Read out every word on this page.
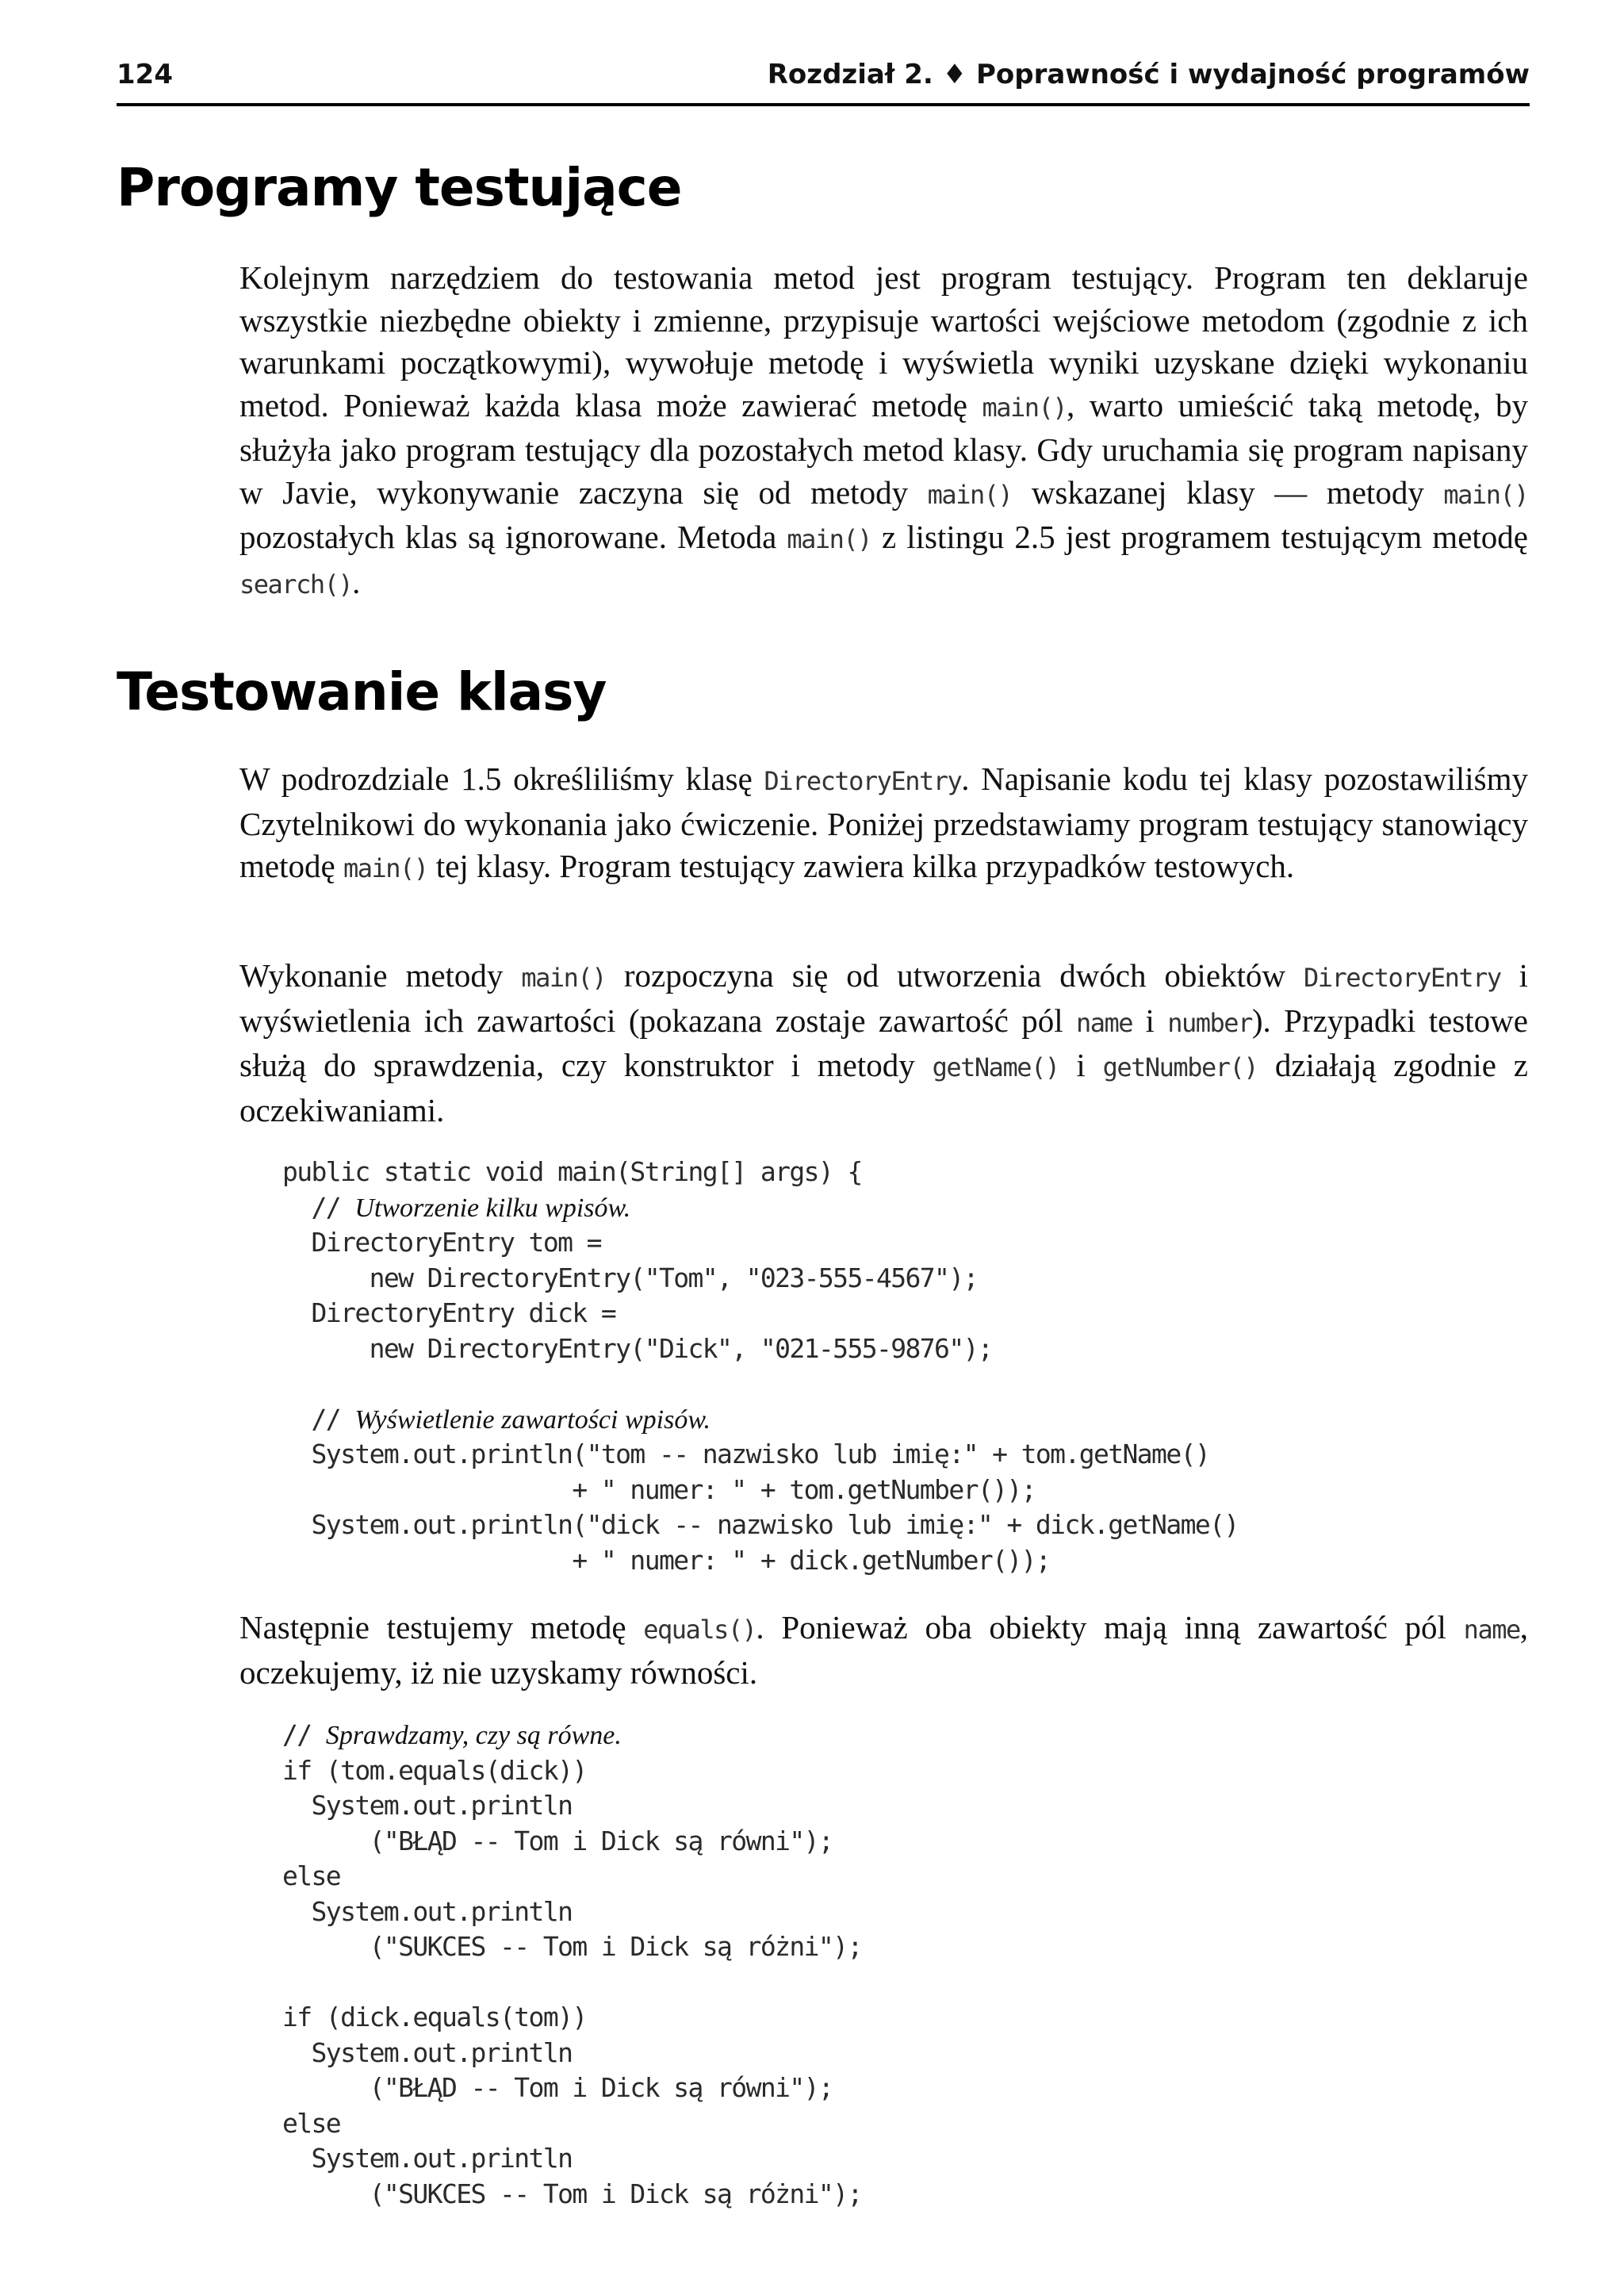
124	Rozdział 2. ♦ Poprawność i wydajność programów
Programy testujące

Kolejnym narzędziem do testowania metod jest program testujący. Program ten deklaruje wszystkie niezbędne obiekty i zmienne, przypisuje wartości wejściowe metodom (zgodnie z ich warunkami początkowymi), wywołuje metodę i wyświetla wyniki uzyskane dzięki wykonaniu metod. Ponieważ każda klasa może zawierać metodę main(), warto umieścić taką metodę, by służyła jako program testujący dla pozostałych metod klasy. Gdy uruchamia się program napisany w Javie, wykonywanie zaczyna się od metody main() wskazanej klasy — metody main() pozostałych klas są ignorowane. Metoda main() z listingu 2.5 jest programem testującym metodę search().

Testowanie klasy

W podrozdziale 1.5 określiliśmy klasę DirectoryEntry. Napisanie kodu tej klasy pozostawiliśmy Czytelnikowi do wykonania jako ćwiczenie. Poniżej przedstawiamy program testujący stanowiący metodę main() tej klasy. Program testujący zawiera kilka przypadków testowych.

Wykonanie metody main() rozpoczyna się od utworzenia dwóch obiektów DirectoryEntry i wyświetlenia ich zawartości (pokazana zostaje zawartość pól name i number). Przypadki testowe służą do sprawdzenia, czy konstruktor i metody getName() i getNumber() działają zgodnie z oczekiwaniami.

public static void main(String[] args) {
// Utworzenie kilku wpisów.
DirectoryEntry tom =
new DirectoryEntry("Tom", "023-555-4567");
DirectoryEntry dick =
new DirectoryEntry("Dick", "021-555-9876");
// Wyświetlenie zawartości wpisów.
System.out.println("tom -- nazwisko lub imię:" + tom.getName()
+ " numer: " + tom.getNumber());
System.out.println("dick -- nazwisko lub imię:" + dick.getName()
+ " numer: " + dick.getNumber());

Następnie testujemy metodę equals(). Ponieważ oba obiekty mają inną zawartość pól name, oczekujemy, iż nie uzyskamy równości.

// Sprawdzamy, czy są równe.
if (tom.equals(dick))
System.out.println
("BŁĄD -- Tom i Dick są równi");
else
System.out.println
("SUKCES -- Tom i Dick są różni");
if (dick.equals(tom))
System.out.println
("BŁĄD -- Tom i Dick są równi");
else
System.out.println
("SUKCES -- Tom i Dick są różni");
